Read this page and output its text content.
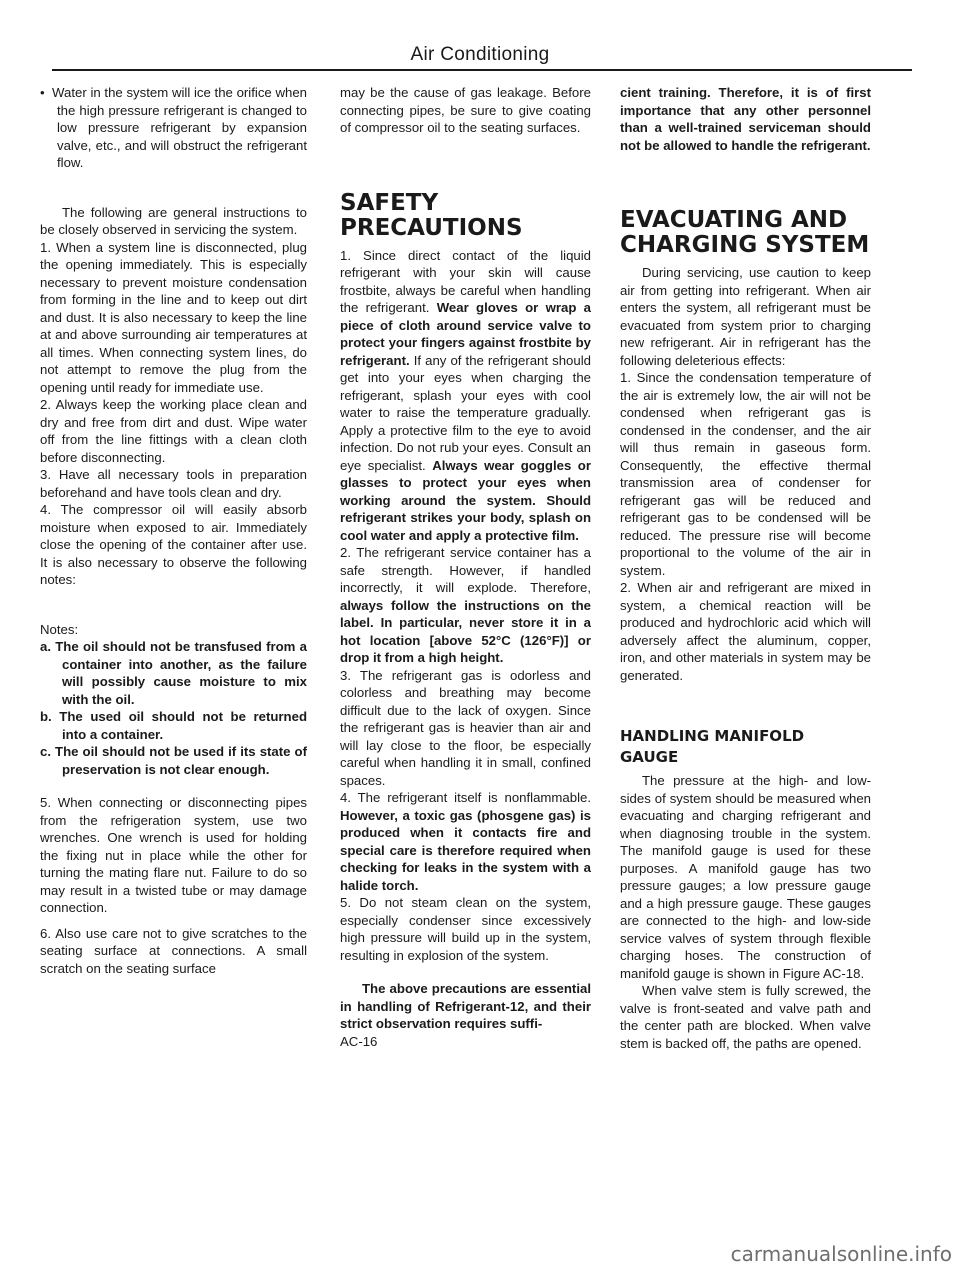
Air Conditioning

•  Water in the system will ice the orifice when the high pressure refrigerant is changed to low pressure refrigerant by expansion valve, etc., and will obstruct the refrigerant flow.

The following are general instructions to be closely observed in servicing the system.

1. When a system line is disconnected, plug the opening immediately. This is especially necessary to prevent moisture condensation from forming in the line and to keep out dirt and dust. It is also necessary to keep the line at and above surrounding air temperatures at all times. When connecting system lines, do not attempt to remove the plug from the opening until ready for immediate use.

2. Always keep the working place clean and dry and free from dirt and dust. Wipe water off from the line fittings with a clean cloth before disconnecting.

3. Have all necessary tools in preparation beforehand and have tools clean and dry.

4. The compressor oil will easily absorb moisture when exposed to air. Immediately close the opening of the container after use. It is also necessary to observe the following notes:

Notes:

a. The oil should not be transfused from a container into another, as the failure will possibly cause moisture to mix with the oil.

b. The used oil should not be returned into a container.

c. The oil should not be used if its state of preservation is not clear enough.

5. When connecting or disconnecting pipes from the refrigeration system, use two wrenches. One wrench is used for holding the fixing nut in place while the other for turning the mating flare nut. Failure to do so may result in a twisted tube or may damage connection.

6. Also use care not to give scratches to the seating surface at connections. A small scratch on the seating surface

may be the cause of gas leakage. Before connecting pipes, be sure to give coating of compressor oil to the seating surfaces.

SAFETY
PRECAUTIONS

1. Since direct contact of the liquid refrigerant with your skin will cause frostbite, always be careful when handling the refrigerant. Wear gloves or wrap a piece of cloth around service valve to protect your fingers against frostbite by refrigerant. If any of the refrigerant should get into your eyes when charging the refrigerant, splash your eyes with cool water to raise the temperature gradually. Apply a protective film to the eye to avoid infection. Do not rub your eyes. Consult an eye specialist. Always wear goggles or glasses to protect your eyes when working around the system. Should refrigerant strikes your body, splash on cool water and apply a protective film.

2. The refrigerant service container has a safe strength. However, if handled incorrectly, it will explode. Therefore, always follow the instructions on the label. In particular, never store it in a hot location [above 52°C (126°F)] or drop it from a high height.

3. The refrigerant gas is odorless and colorless and breathing may become difficult due to the lack of oxygen. Since the refrigerant gas is heavier than air and will lay close to the floor, be especially careful when handling it in small, confined spaces.

4. The refrigerant itself is nonflammable. However, a toxic gas (phosgene gas) is produced when it contacts fire and special care is therefore required when checking for leaks in the system with a halide torch.

5. Do not steam clean on the system, especially condenser since excessively high pressure will build up in the system, resulting in explosion of the system.

The above precautions are essential in handling of Refrigerant-12, and their strict observation requires suffi-

AC-16

cient training. Therefore, it is of first importance that any other personnel than a well-trained serviceman should not be allowed to handle the refrigerant.

EVACUATING AND
CHARGING SYSTEM

During servicing, use caution to keep air from getting into refrigerant. When air enters the system, all refrigerant must be evacuated from system prior to charging new refrigerant. Air in refrigerant has the following deleterious effects:

1. Since the condensation temperature of the air is extremely low, the air will not be condensed when refrigerant gas is condensed in the condenser, and the air will thus remain in gaseous form. Consequently, the effective thermal transmission area of condenser for refrigerant gas will be reduced and refrigerant gas to be condensed will be reduced. The pressure rise will become proportional to the volume of the air in system.

2. When air and refrigerant are mixed in system, a chemical reaction will be produced and hydrochloric acid which will adversely affect the aluminum, copper, iron, and other materials in system may be generated.

HANDLING MANIFOLD
GAUGE

The pressure at the high- and low-sides of system should be measured when evacuating and charging refrigerant and when diagnosing trouble in the system. The manifold gauge is used for these purposes. A manifold gauge has two pressure gauges; a low pressure gauge and a high pressure gauge. These gauges are connected to the high- and low-side service valves of system through flexible charging hoses. The construction of manifold gauge is shown in Figure AC-18.

When valve stem is fully screwed, the valve is front-seated and valve path and the center path are blocked. When valve stem is backed off, the paths are opened.

carmanualsonline.info
